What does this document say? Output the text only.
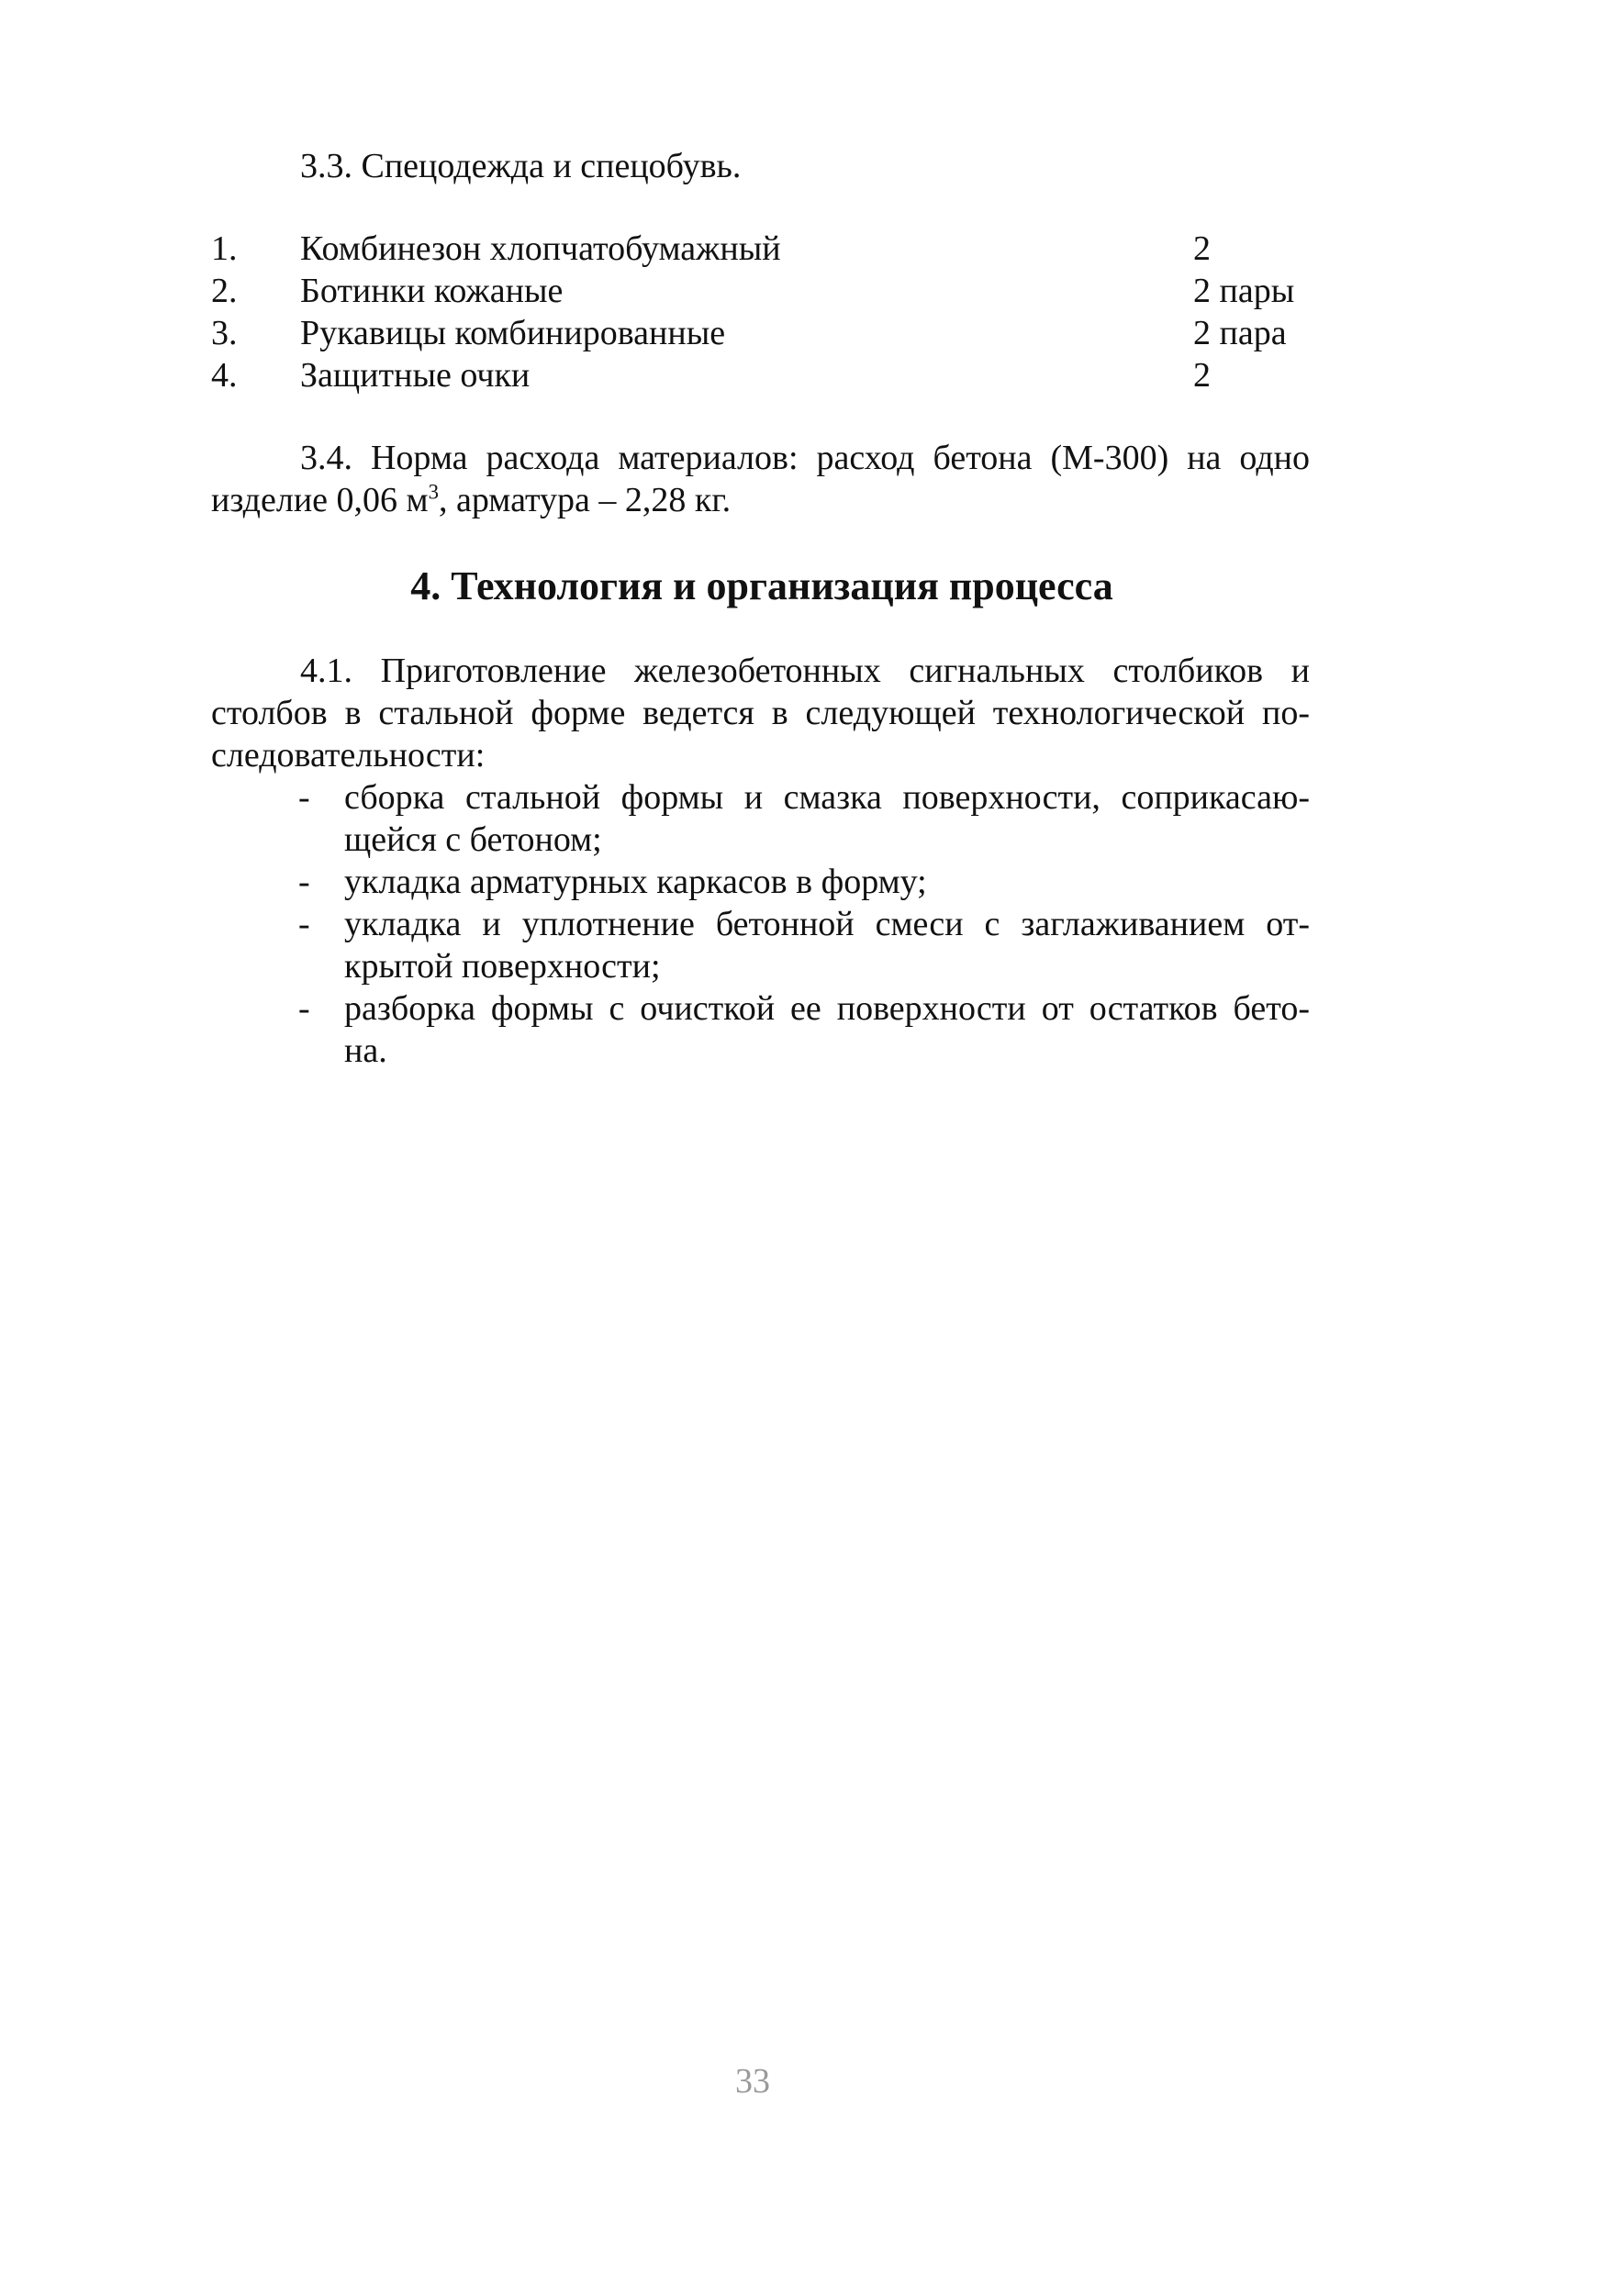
3.3. Спецодежда и спецобувь.
1. Комбинезон хлопчатобумажный	2
2. Ботинки кожаные	2 пары
3. Рукавицы комбинированные	2 пара
4. Защитные очки	2
3.4. Норма расхода материалов: расход бетона (М-300) на одно
изделие 0,06 $м^3$, арматура – 2,28 кг.
4. Технология и организация процесса
4.1. Приготовление железобетонных сигнальных столбиков и
столбов в стальной форме ведется в следующей технологической по-
следовательности:
- сборка стальной формы и смазка поверхности, соприкасаю-
щейся с бетоном;
- укладка арматурных каркасов в форму;
- укладка и уплотнение бетонной смеси с заглаживанием от-
крытой поверхности;
- разборка формы с очисткой ее поверхности от остатков бето-
на.
33
